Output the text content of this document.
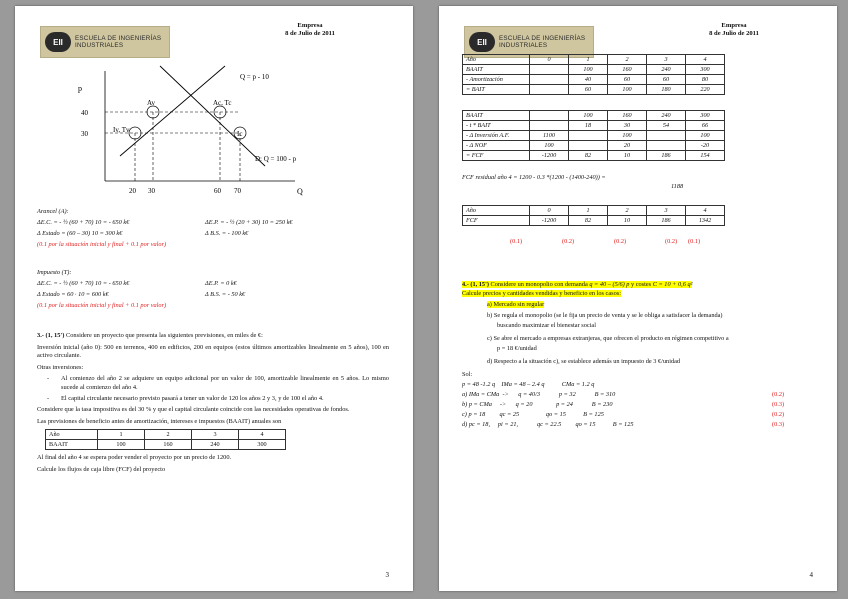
EII	ESCUELA DE INGENIERÍAS
INDUSTRIALES
Empresa
8 de Julio de 2011
p
Q
Q = p - 10
D: Q = 100 - p
40
30
20 30	60 70
Av	Ac, Tc
Iv, Tv	Ic
Arancel (A):
ΔE.C. = - ½ (60 + 70) 10 = - 650 k€	ΔE.P. = - ½ (20 + 30) 10 = 250 k€
Δ Estado = (60 – 30) 10 = 300 k€	Δ B.S. = - 100 k€
(0.1 por la situación inicial y final + 0.1 por valor)
Impuesto (T):
ΔE.C. = - ½ (60 + 70) 10 = - 650 k€	ΔE.P. = 0 k€
Δ Estado = 60 · 10 = 600 k€	Δ B.S. = - 50 k€
(0.1 por la situación inicial y final + 0.1 por valor)
3.- (1, 15') Considere un proyecto que presenta las siguientes previsiones, en miles de €:
Inversión inicial (año 0): 500 en terrenos, 400 en edificios, 200 en equipos (estos últimos amortizables linealmente en 5 años), 100 en activo circulante.
Otras inversiones:
-	Al comienzo del año 2 se adquiere un equipo adicional por un valor de 100, amortizable linealmente en 5 años. Lo mismo sucede al comienzo del año 4.
-	El capital circulante necesario previsto pasará a tener un valor de 120 los años 2 y 3, y de 100 el año 4.
Considere que la tasa impositiva es del 30 % y que el capital circulante coincide con las necesidades operativas de fondos.
Las previsiones de beneficio antes de amortización, intereses e impuestos (BAAIT) anuales son
Año	1	2	3	4
BAAIT	100	160	240	300
Al final del año 4 se espera poder vender el proyecto por un precio de 1200.
Calcule los flujos de caja libre (FCF) del proyecto
3
EII	ESCUELA DE INGENIERÍAS
INDUSTRIALES
Empresa
8 de Julio de 2011
Año	0	1	2	3	4
BAAIT		100	160	240	300
- Amortización		40	60	60	80
= BAIT		60	100	180	220
BAAIT		100	160	240	300
- t * BAIT		18	30	54	66
- Δ Inversión A.F.	1100		100		100
- Δ NOF	100		20		-20
= FCF	-1200	82	10	186	154
FCF residual año 4 = 1200 - 0.3 *(1200 - (1400-240)) =
1188
Año	0	1	2	3	4
FCF	-1200	82	10	186	1342
(0.1)	(0.2)	(0.2)	(0.2) (0.1)
4.- (1, 15') Considere un monopolio con demanda q = 40 – (5/6) p y costes C = 10 + 0,6 q²
Calcule precios y cantidades vendidas y beneficio en los casos:
a) Mercado sin regular
b) Se regula el monopolio (se le fija un precio de venta y se le obliga a satisfacer la demanda)
buscando maximizar el bienestar social
c) Se abre el mercado a empresas extranjeras, que ofrecen el producto en régimen competitivo a
p = 18 €/unidad
d) Respecto a la situación c), se establece además un impuesto de 3 €/unidad
Sol:
p = 48 -1.2 q    IMa = 48 – 2.4 q           CMa = 1.2 q
a) IMa = CMa  ->      q = 40/3            p = 32            B = 310
b) p = CMa     ->      q = 20               p = 24            B = 230
c) p = 18         qc = 25                 qo = 15           B = 125
d) pc = 18,     pi = 21,            qc = 22.5         qo = 15           B = 125
(0.2)
(0.3)
(0.2)
(0.3)
4
